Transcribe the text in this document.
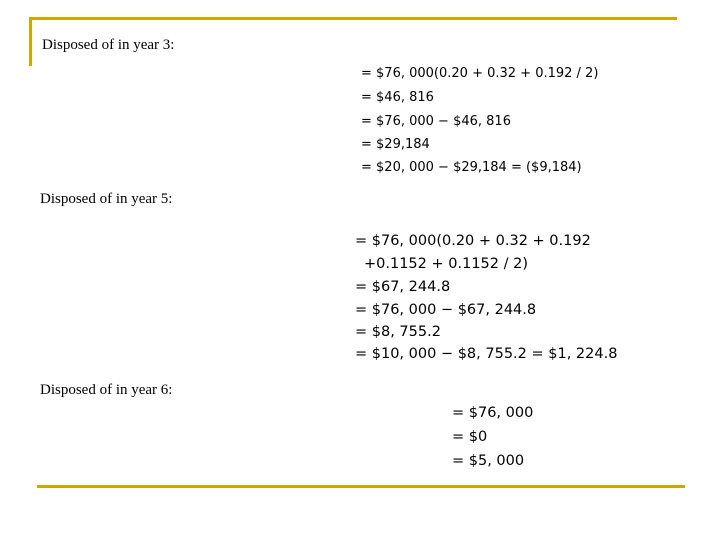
Disposed of in year 3:
= $76, 000(0.20 + 0.32 + 0.192 / 2)
= $46, 816
= $76, 000 − $46, 816
= $29,184
= $20, 000 − $29,184 = ($9,184)
Disposed of in year 5:
= $76, 000(0.20 + 0.32 + 0.192
+0.1152 + 0.1152 / 2)
= $67, 244.8
= $76, 000 − $67, 244.8
= $8, 755.2
= $10, 000 − $8, 755.2 = $1, 224.8
Disposed of in year 6:
= $76, 000
= $0
= $5, 000
